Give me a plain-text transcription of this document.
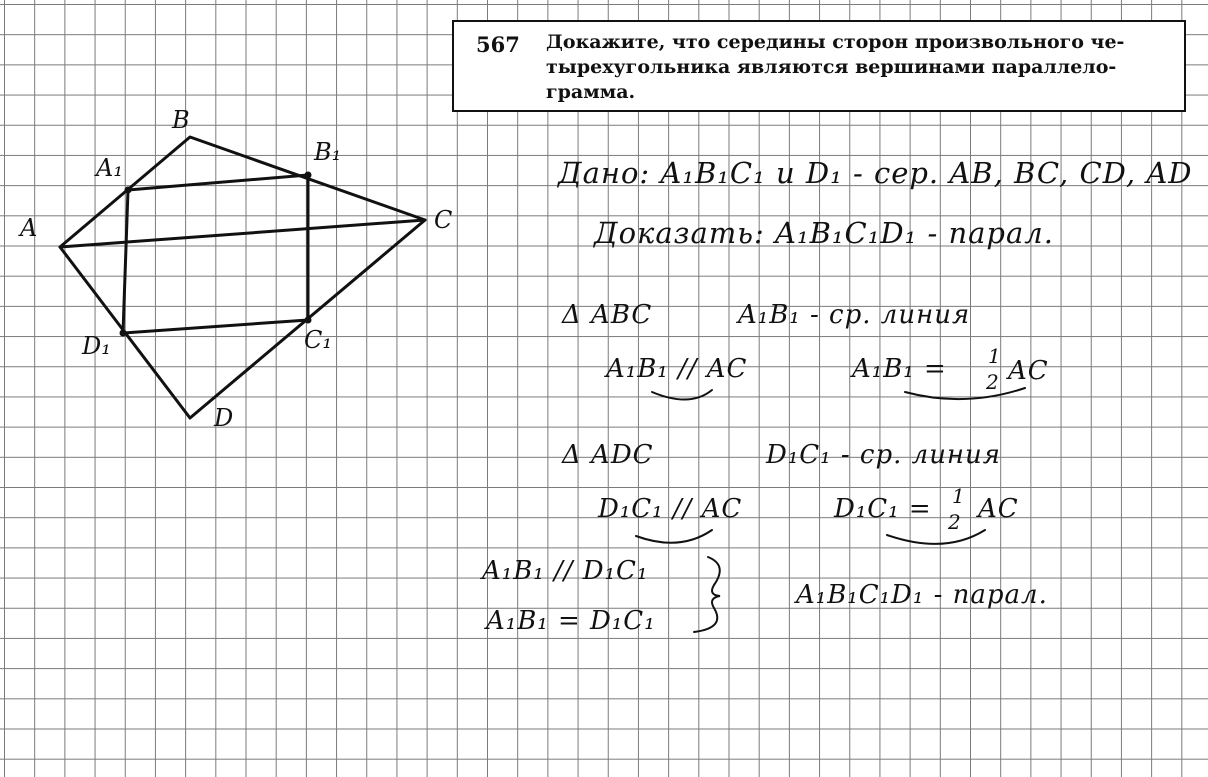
567 Докажите, что середины сторон произвольного че-
тырехугольника являются вершинами параллело-
грамма.
B
A₁
B₁
A	C
D₁	C₁
D
Дано: A₁B₁C₁ и D₁ - сер. AB, BC, CD, AD
Доказать: A₁B₁C₁D₁ - парал.
Δ ABC	A₁B₁ - ср. линия
A₁B₁ // AC	A₁B₁ = 1
2 AC
Δ ADC	D₁C₁ - ср. линия
D₁C₁ // AC	D₁C₁ = 1
2 AC
A₁B₁ // D₁C₁
A₁B₁ = D₁C₁
A₁B₁C₁D₁ - парал.
